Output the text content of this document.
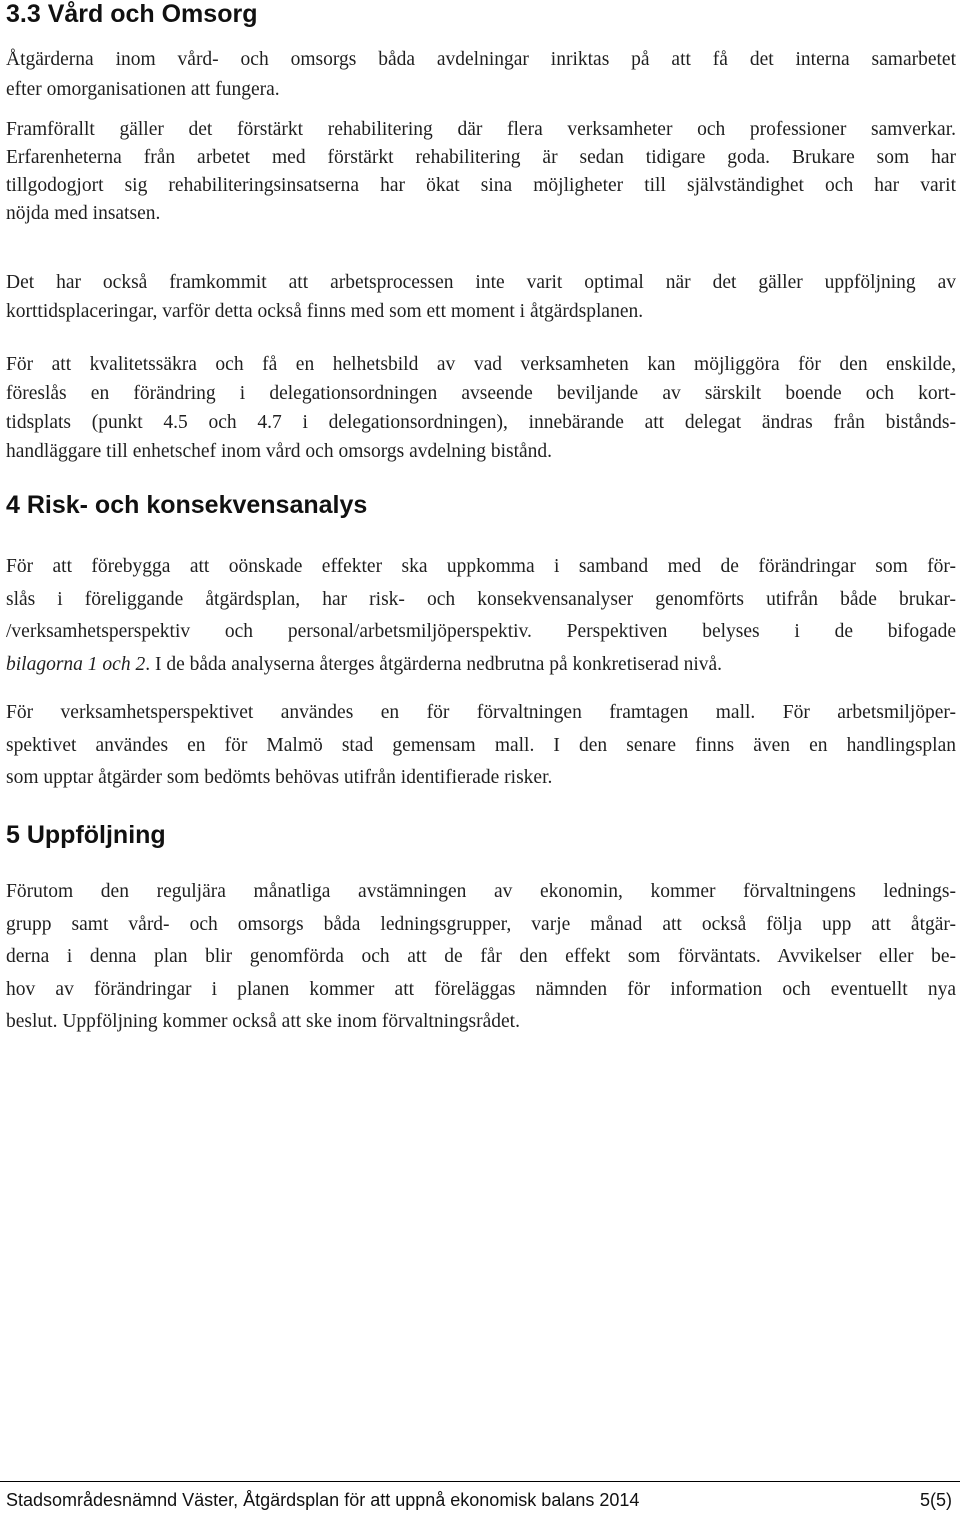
3.3 Vård och Omsorg

Åtgärderna inom vård- och omsorgs båda avdelningar inriktas på att få det interna samarbetet
efter omorganisationen att fungera.

Framförallt gäller det förstärkt rehabilitering där flera verksamheter och professioner samverkar.
Erfarenheterna från arbetet med förstärkt rehabilitering är sedan tidigare goda. Brukare som har
tillgodogjort sig rehabiliteringsinsatserna har ökat sina möjligheter till självständighet och har varit
nöjda med insatsen.

Det har också framkommit att arbetsprocessen inte varit optimal när det gäller uppföljning av
korttidsplaceringar, varför detta också finns med som ett moment i åtgärdsplanen.

För att kvalitetssäkra och få en helhetsbild av vad verksamheten kan möjliggöra för den enskilde,
föreslås en förändring i delegationsordningen avseende beviljande av särskilt boende och kort-
tidsplats (punkt 4.5 och 4.7 i delegationsordningen), innebärande att delegat ändras från bistånds-
handläggare till enhetschef inom vård och omsorgs avdelning bistånd.

4 Risk- och konsekvensanalys

För att förebygga att oönskade effekter ska uppkomma i samband med de förändringar som för-
slås i föreliggande åtgärdsplan, har risk- och konsekvensanalyser genomförts utifrån både brukar-
/verksamhetsperspektiv och personal/arbetsmiljöperspektiv. Perspektiven belyses i de bifogade
bilagorna 1 och 2. I de båda analyserna återges åtgärderna nedbrutna på konkretiserad nivå.

För verksamhetsperspektivet användes en för förvaltningen framtagen mall. För arbetsmiljöper-
spektivet användes en för Malmö stad gemensam mall. I den senare finns även en handlingsplan
som upptar åtgärder som bedömts behövas utifrån identifierade risker.

5 Uppföljning

Förutom den reguljära månatliga avstämningen av ekonomin, kommer förvaltningens lednings-
grupp samt vård- och omsorgs båda ledningsgrupper, varje månad att också följa upp att åtgär-
derna i denna plan blir genomförda och att de får den effekt som förväntats. Avvikelser eller be-
hov av förändringar i planen kommer att föreläggas nämnden för information och eventuellt nya
beslut. Uppföljning kommer också att ske inom förvaltningsrådet.

Stadsområdesnämnd Väster, Åtgärdsplan för att uppnå ekonomisk balans 2014	5(5)
